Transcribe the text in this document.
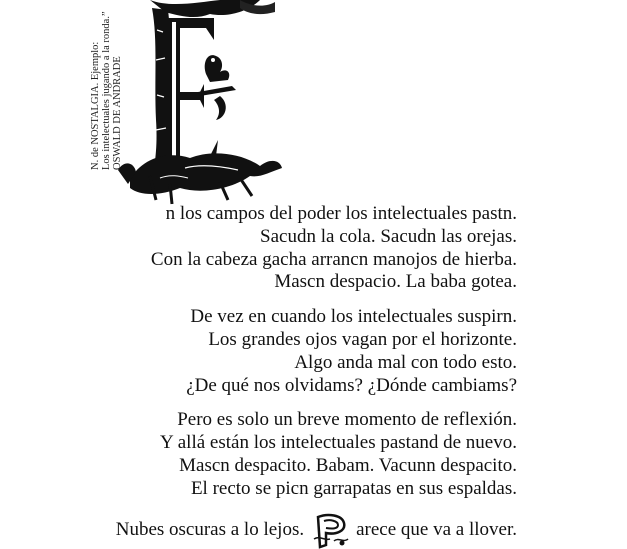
N. de NOSTALGIA. Ejemplo: Los intelectuales jugando a la ronda.” OSWALD DE ANDRADE
n los campos del poder los intelectuales pastn.
Sacudn la cola. Sacudn las orejas.
Con la cabeza gacha arrancn manojos de hierba.
Mascn despacio. La baba gotea.
De vez en cuando los intelectuales suspirn.
Los grandes ojos vagan por el horizonte.
Algo anda mal con todo esto.
¿De qué nos olvidams? ¿Dónde cambiams?
Pero es solo un breve momento de reflexión.
Y allá están los intelectuales pastand de nuevo.
Mascn despacito. Babam. Vacunn despacito.
El recto se picn garrapatas en sus espaldas.
Nubes oscuras a lo lejos.	arece que va a llover.
